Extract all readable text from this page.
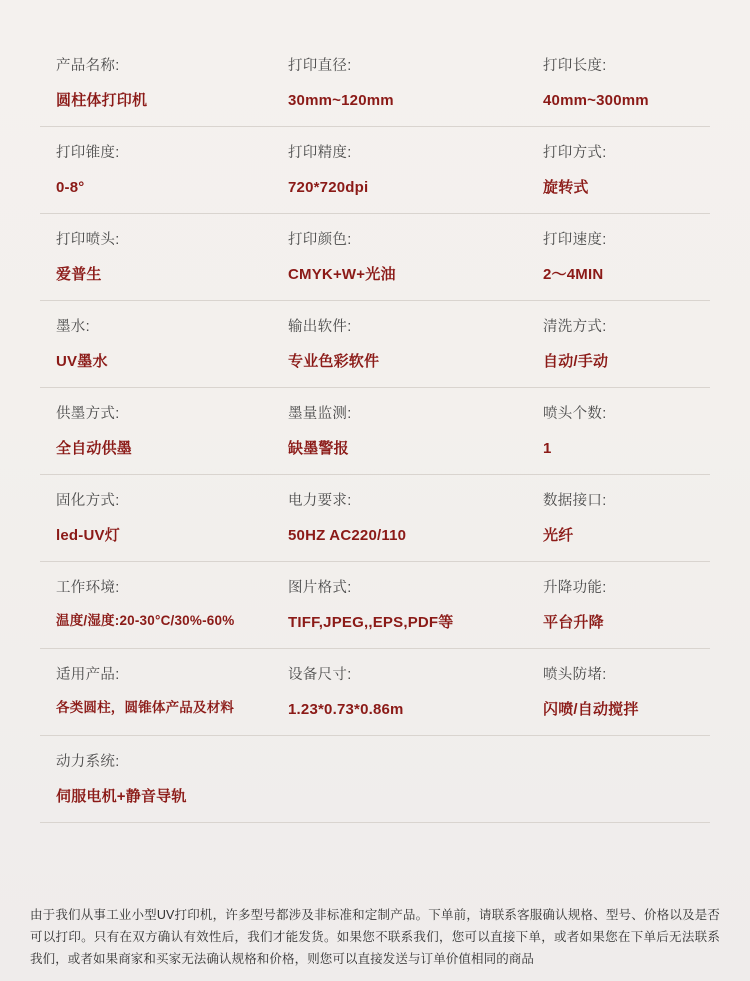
产品名称:
圆柱体打印机
打印直径:
30mm~120mm
打印长度:
40mm~300mm
打印锥度:
0-8°
打印精度:
720*720dpi
打印方式:
旋转式
打印喷头:
爱普生
打印颜色:
CMYK+W+光油
打印速度:
2～4MIN
墨水:
UV墨水
输出软件:
专业色彩软件
清洗方式:
自动/手动
供墨方式:
全自动供墨
墨量监测:
缺墨警报
喷头个数:
1
固化方式:
led-UV灯
电力要求:
50HZ AC220/110
数据接口:
光纤
工作环境:
温度/湿度:20-30°C/30%-60%
图片格式:
TIFF,JPEG,,EPS,PDF等
升降功能:
平台升降
适用产品:
各类圆柱，圆锥体产品及材料
设备尺寸:
1.23*0.73*0.86m
喷头防堵:
闪喷/自动搅拌
动力系统:
伺服电机+静音导轨
由于我们从事工业小型UV打印机，许多型号都涉及非标准和定制产品。下单前，请联系客服确认规格、型号、价格以及是否可以打印。只有在双方确认有效性后，我们才能发货。如果您不联系我们，您可以直接下单，或者如果您在下单后无法联系我们，或者如果商家和买家无法确认规格和价格，则您可以直接发送与订单价值相同的商品
